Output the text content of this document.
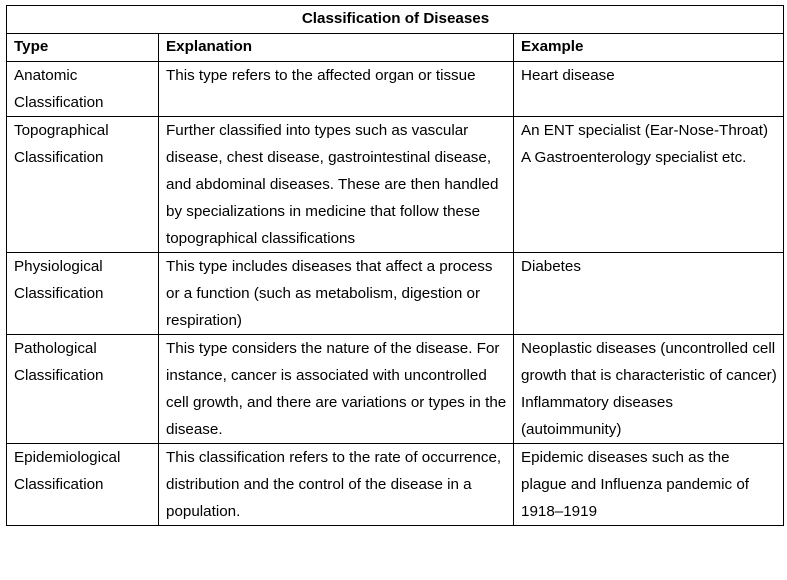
Classification of Diseases		
Type	Explanation	Example
Anatomic Classification	This type refers to the affected organ or tissue	Heart disease

Topographical Classification	Further classified into types such as vascular disease, chest disease, gastrointestinal disease, and abdominal diseases. These are then handled by specializations in medicine that follow these topographical classifications	An ENT specialist (Ear-Nose-Throat)
A Gastroenterology specialist etc.

Physiological Classification	This type includes diseases that affect a process or a function (such as metabolism, digestion or respiration)	Diabetes

Pathological Classification	This type considers the nature of the disease. For instance, cancer is associated with uncontrolled cell growth, and there are variations or types in the disease.	Neoplastic diseases (uncontrolled cell growth that is characteristic of cancer)
Inflammatory diseases (autoimmunity)

Epidemiological Classification	This classification refers to the rate of occurrence, distribution and the control of the disease in a population.	Epidemic diseases such as the plague and Influenza pandemic of 1918–1919
